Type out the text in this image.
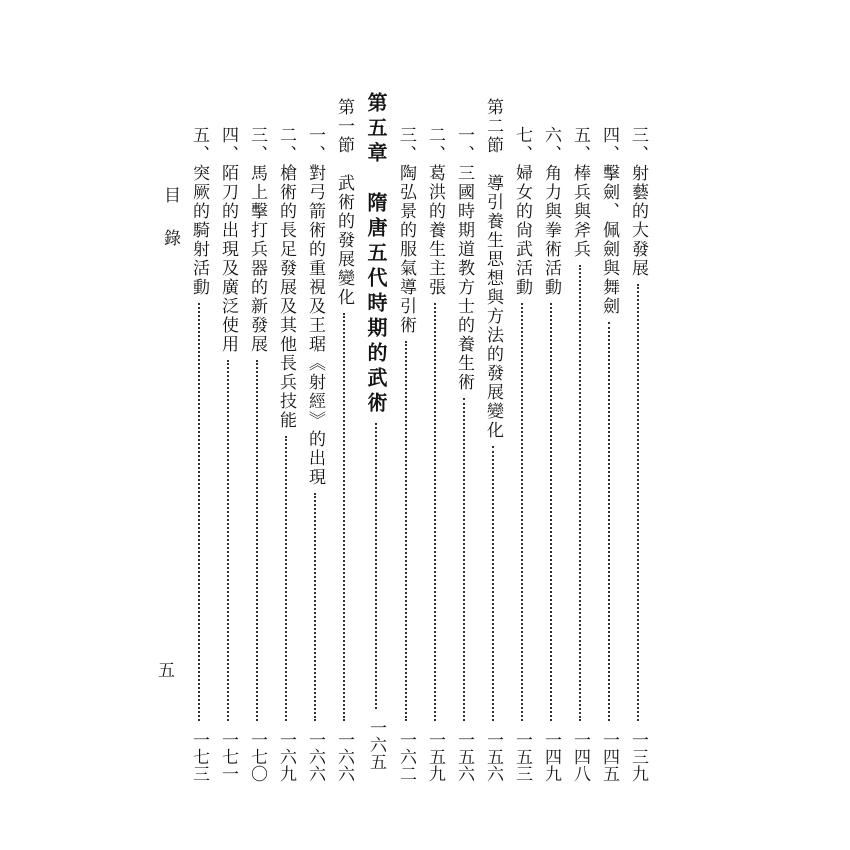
目錄
五
三、射藝的大發展
一三九
四、擊劍、佩劍與舞劍
一四五
五、棒兵與斧兵
一四八
六、角力與拳術活動
一四九
七、婦女的尙武活動
一五三
第二節　導引養生思想與方法的發展變化
一五六
一、三國時期道教方士的養生術
一五六
二、葛洪的養生主張
一五九
三、陶弘景的服氣導引術
一六二
第五章　隋唐五代時期的武術
一六五
第一節　武術的發展變化
一六六
一、對弓箭術的重視及王琚《射經》的出現
一六六
二、槍術的長足發展及其他長兵技能
一六九
三、馬上擊打兵器的新發展
一七〇
四、陌刀的出現及廣泛使用
一七一
五、突厥的騎射活動
一七三
